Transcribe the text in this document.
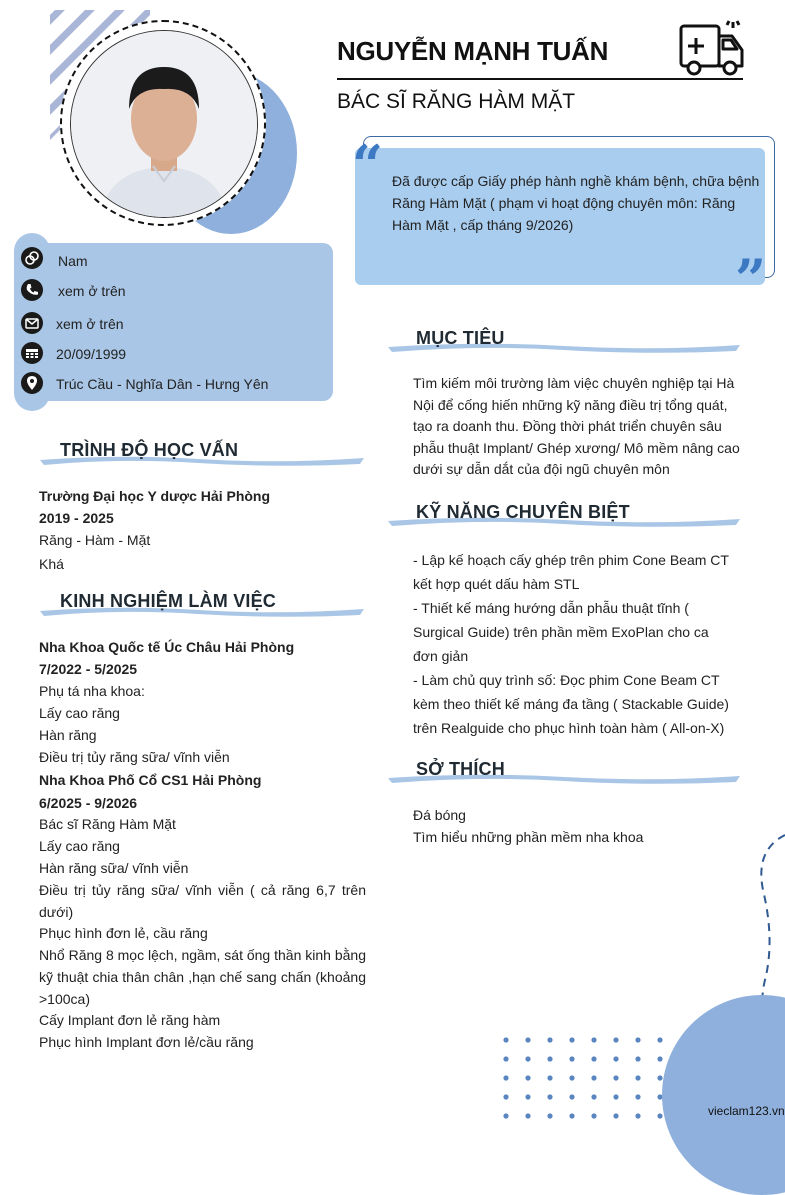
NGUYỄN MẠNH TUẤN
BÁC SĨ RĂNG HÀM MẶT
“
”
Đã được cấp Giấy phép hành nghề khám bệnh, chữa bệnh Răng Hàm Mặt ( phạm vi hoạt động chuyên môn: Răng Hàm Mặt , cấp tháng 9/2026)
Nam
xem ở trên
xem ở trên
20/09/1999
Trúc Cầu - Nghĩa Dân - Hưng Yên
TRÌNH ĐỘ HỌC VẤN
Trường Đại học Y dược Hải Phòng
2019 - 2025
Răng - Hàm - Mặt
Khá
KINH NGHIỆM LÀM VIỆC
Nha Khoa Quốc tế Úc Châu Hải Phòng
7/2022 - 5/2025
Phụ tá nha khoa:
Lấy cao răng
Hàn răng
Điều trị tủy răng sữa/ vĩnh viễn
Nha Khoa Phố Cổ CS1 Hải Phòng
6/2025 - 9/2026
Bác sĩ Răng Hàm Mặt
Lấy cao răng
Hàn răng sữa/ vĩnh viễn
Điều trị tủy răng sữa/ vĩnh viễn ( cả răng 6,7 trên dưới)
Phục hình đơn lẻ, cầu răng
Nhổ Răng 8 mọc lệch, ngầm, sát ống thần kinh bằng kỹ thuật chia thân chân ,hạn chế sang chấn (khoảng >100ca)
Cấy Implant đơn lẻ răng hàm
Phục hình Implant đơn lẻ/cầu răng
MỤC TIÊU
Tìm kiếm môi trường làm việc chuyên nghiệp tại Hà Nội để cống hiến những kỹ năng điều trị tổng quát, tạo ra doanh thu. Đồng thời phát triển chuyên sâu phẫu thuật Implant/ Ghép xương/ Mô mềm nâng cao dưới sự dẫn dắt của đội ngũ chuyên môn
KỸ NĂNG CHUYÊN BIỆT
- Lập kế hoạch cấy ghép trên phim Cone Beam CT kết hợp quét dấu hàm STL
- Thiết kế máng hướng dẫn phẫu thuật tĩnh ( Surgical Guide) trên phần mềm ExoPlan cho ca đơn giản
- Làm chủ quy trình số: Đọc phim Cone Beam CT kèm theo thiết kế máng đa tầng ( Stackable Guide) trên Realguide cho phục hình toàn hàm ( All-on-X)
SỞ THÍCH
Đá bóng
Tìm hiểu những phần mềm nha khoa
vieclam123.vn
